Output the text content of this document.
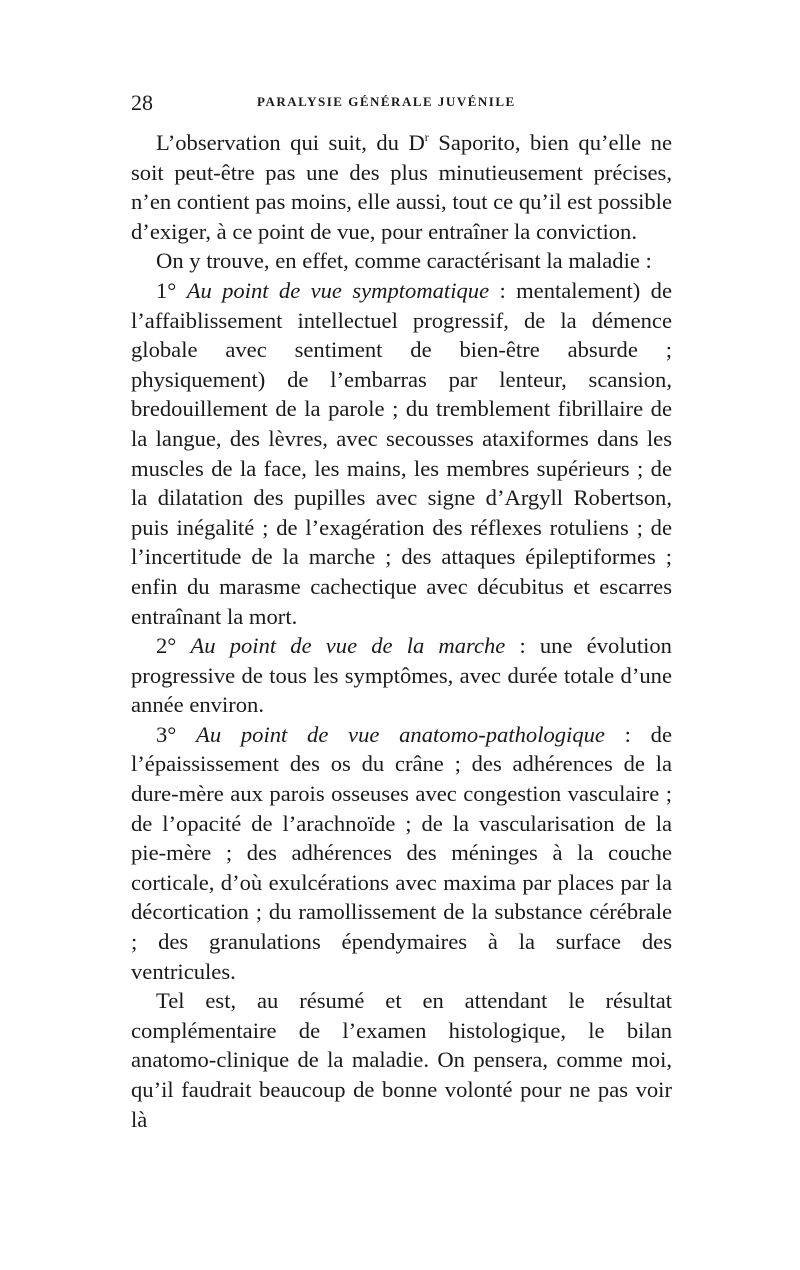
28	PARALYSIE GÉNÉRALE JUVÉNILE

L’observation qui suit, du $D^r$ Saporito, bien qu’elle ne soit peut-être pas une des plus minutieusement précises, n’en contient pas moins, elle aussi, tout ce qu’il est possible d’exiger, à ce point de vue, pour entraîner la conviction.

On y trouve, en effet, comme caractérisant la maladie :

1° Au point de vue symptomatique : mentalement) de l’affaiblissement intellectuel progressif, de la démence globale avec sentiment de bien-être absurde ; physiquement) de l’embarras par lenteur, scansion, bredouillement de la parole ; du tremblement fibrillaire de la langue, des lèvres, avec secousses ataxiformes dans les muscles de la face, les mains, les membres supérieurs ; de la dilatation des pupilles avec signe d’Argyll Robertson, puis inégalité ; de l’exagération des réflexes rotuliens ; de l’incertitude de la marche ; des attaques épileptiformes ; enfin du marasme cachectique avec décubitus et escarres entraînant la mort.

2° Au point de vue de la marche : une évolution progressive de tous les symptômes, avec durée totale d’une année environ.

3° Au point de vue anatomo-pathologique : de l’épaississement des os du crâne ; des adhérences de la dure-mère aux parois osseuses avec congestion vasculaire ; de l’opacité de l’arachnoïde ; de la vascularisation de la pie-mère ; des adhérences des méninges à la couche corticale, d’où exulcérations avec maxima par places par la décortication ; du ramollissement de la substance cérébrale ; des granulations épendymaires à la surface des ventricules.

Tel est, au résumé et en attendant le résultat complémentaire de l’examen histologique, le bilan anatomo-clinique de la maladie. On pensera, comme moi, qu’il faudrait beaucoup de bonne volonté pour ne pas voir là
